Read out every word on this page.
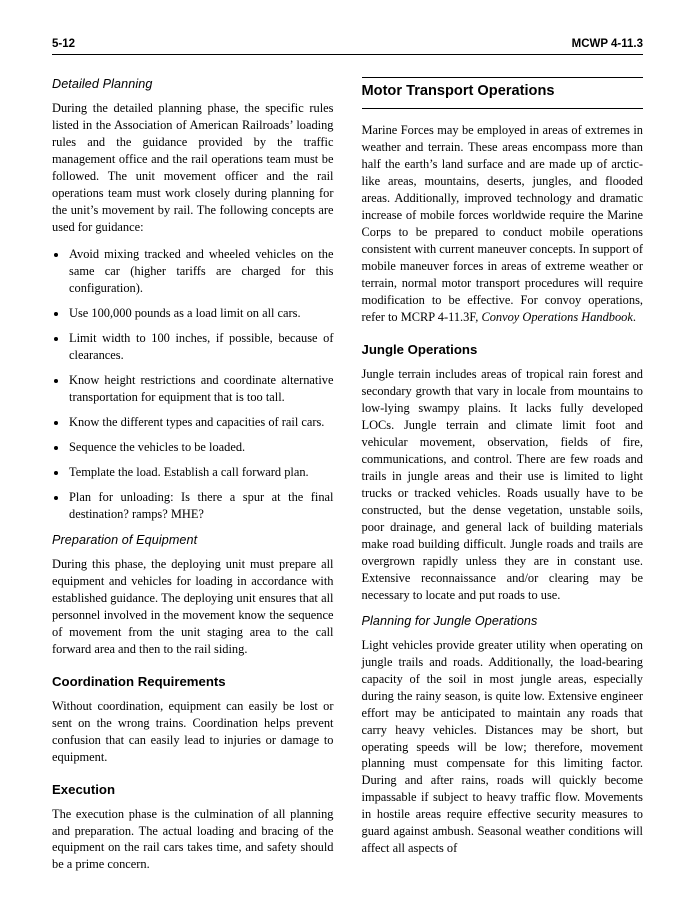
5-12	MCWP 4-11.3
Detailed Planning

During the detailed planning phase, the specific rules listed in the Association of American Railroads’ loading rules and the guidance provided by the traffic management office and the rail operations team must be followed. The unit movement officer and the rail operations team must work closely during planning for the unit’s movement by rail. The following concepts are used for guidance:

Avoid mixing tracked and wheeled vehicles on the same car (higher tariffs are charged for this configuration).
Use 100,000 pounds as a load limit on all cars.
Limit width to 100 inches, if possible, because of clearances.
Know height restrictions and coordinate alternative transportation for equipment that is too tall.
Know the different types and capacities of rail cars.
Sequence the vehicles to be loaded.
Template the load. Establish a call forward plan.
Plan for unloading: Is there a spur at the final destination? ramps? MHE?
Preparation of Equipment

During this phase, the deploying unit must prepare all equipment and vehicles for loading in accordance with established guidance. The deploying unit ensures that all personnel involved in the movement know the sequence of movement from the unit staging area to the call forward area and then to the rail siding.

Coordination Requirements

Without coordination, equipment can easily be lost or sent on the wrong trains. Coordination helps prevent confusion that can easily lead to injuries or damage to equipment.

Execution

The execution phase is the culmination of all planning and preparation. The actual loading and bracing of the equipment on the rail cars takes time, and safety should be a prime concern.

Motor Transport Operations

Marine Forces may be employed in areas of extremes in weather and terrain. These areas encompass more than half the earth’s land surface and are made up of arctic-like areas, mountains, deserts, jungles, and flooded areas. Additionally, improved technology and dramatic increase of mobile forces worldwide require the Marine Corps to be prepared to conduct mobile operations consistent with current maneuver concepts. In support of mobile maneuver forces in areas of extreme weather or terrain, normal motor transport procedures will require modification to be effective. For convoy operations, refer to MCRP 4-11.3F, Convoy Operations Handbook.

Jungle Operations

Jungle terrain includes areas of tropical rain forest and secondary growth that vary in locale from mountains to low-lying swampy plains. It lacks fully developed LOCs. Jungle terrain and climate limit foot and vehicular movement, observation, fields of fire, communications, and control. There are few roads and trails in jungle areas and their use is limited to light trucks or tracked vehicles. Roads usually have to be constructed, but the dense vegetation, unstable soils, poor drainage, and general lack of building materials make road building difficult. Jungle roads and trails are overgrown rapidly unless they are in constant use. Extensive reconnaissance and/or clearing may be necessary to locate and put roads to use.

Planning for Jungle Operations

Light vehicles provide greater utility when operating on jungle trails and roads. Additionally, the load-bearing capacity of the soil in most jungle areas, especially during the rainy season, is quite low. Extensive engineer effort may be anticipated to maintain any roads that carry heavy vehicles. Distances may be short, but operating speeds will be low; therefore, movement planning must compensate for this limiting factor. During and after rains, roads will quickly become impassable if subject to heavy traffic flow. Movements in hostile areas require effective security measures to guard against ambush. Seasonal weather conditions will affect all aspects of
